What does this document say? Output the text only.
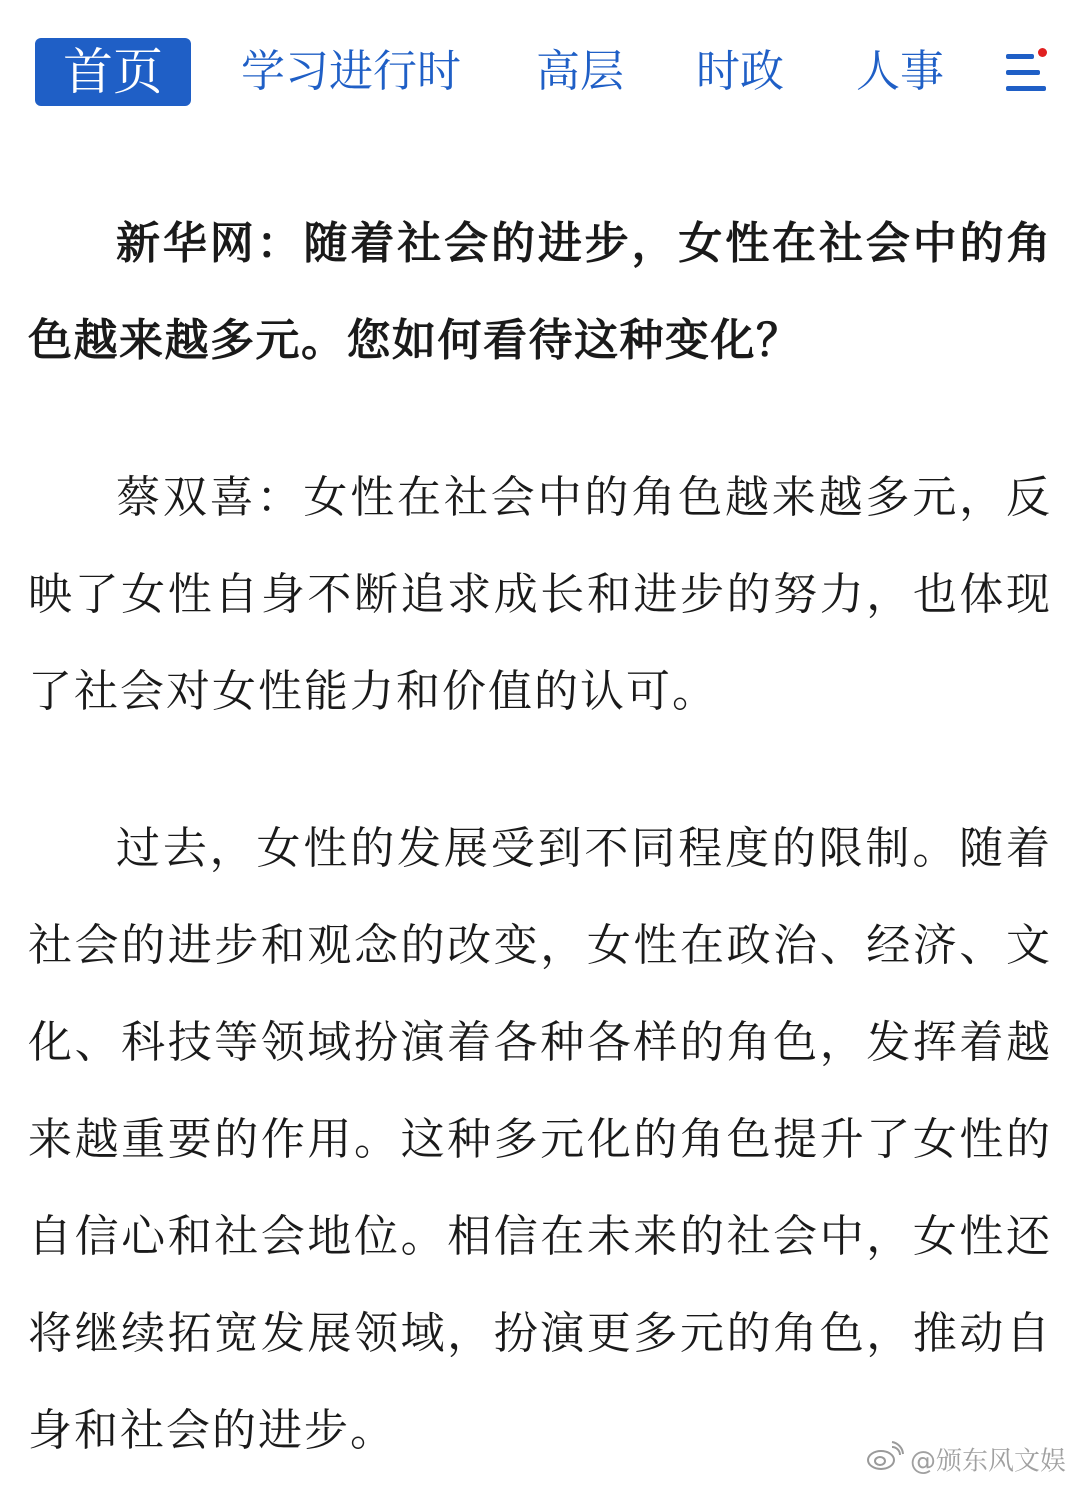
首页	学习进行时 高层 时政 人事

新华网：随着社会的进步，女性在社会中的角色越来越多元。您如何看待这种变化？

蔡双喜：女性在社会中的角色越来越多元，反映了女性自身不断追求成长和进步的努力，也体现了社会对女性能力和价值的认可。

过去，女性的发展受到不同程度的限制。随着社会的进步和观念的改变，女性在政治、经济、文化、科技等领域扮演着各种各样的角色，发挥着越来越重要的作用。这种多元化的角色提升了女性的自信心和社会地位。相信在未来的社会中，女性还将继续拓宽发展领域，扮演更多元的角色，推动自身和社会的进步。

@颁东风文娱
